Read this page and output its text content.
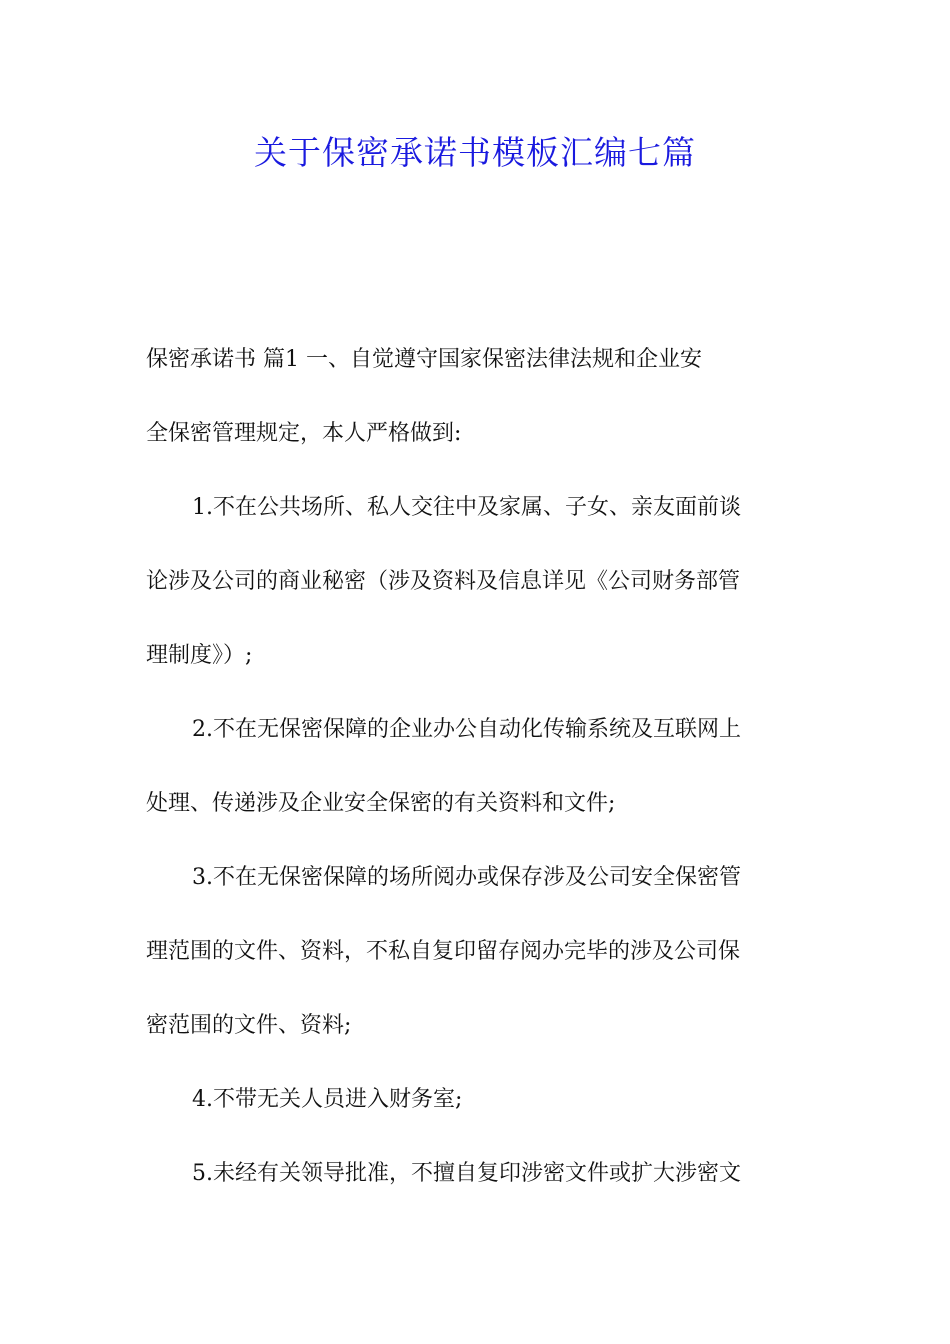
关于保密承诺书模板汇编七篇
保密承诺书 篇1 一、自觉遵守国家保密法律法规和企业安
全保密管理规定，本人严格做到:
1.不在公共场所、私人交往中及家属、子女、亲友面前谈
论涉及公司的商业秘密（涉及资料及信息详见《公司财务部管
理制度》）;
2.不在无保密保障的企业办公自动化传输系统及互联网上
处理、传递涉及企业安全保密的有关资料和文件;
3.不在无保密保障的场所阅办或保存涉及公司安全保密管
理范围的文件、资料，不私自复印留存阅办完毕的涉及公司保
密范围的文件、资料;
4.不带无关人员进入财务室;
5.未经有关领导批准，不擅自复印涉密文件或扩大涉密文
